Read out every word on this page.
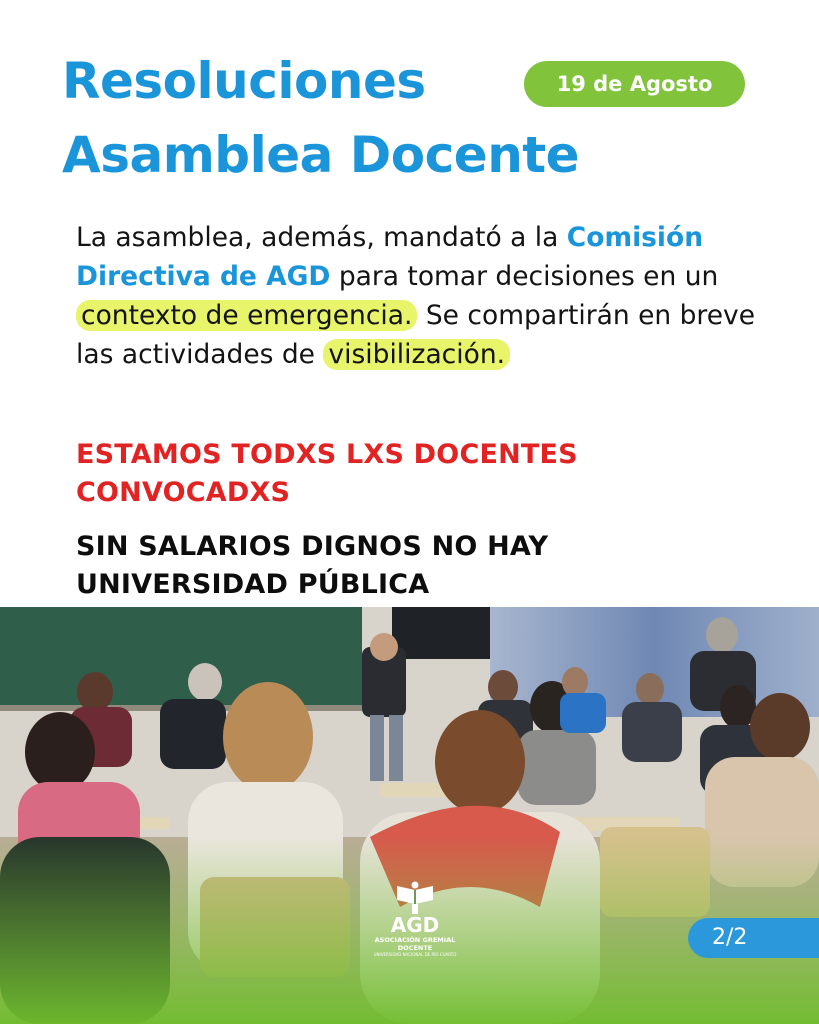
Resoluciones
Asamblea Docente
19 de Agosto

La asamblea, además, mandató a la Comisión Directiva de AGD para tomar decisiones en un contexto de emergencia. Se compartirán en breve las actividades de visibilización.

ESTAMOS TODXS LXS DOCENTES
CONVOCADXS
SIN SALARIOS DIGNOS NO HAY
UNIVERSIDAD PÚBLICA
AGD
ASOCIACIÓN GREMIAL DOCENTE
UNIVERSIDAD NACIONAL DE RÍO CUARTO
2/2
